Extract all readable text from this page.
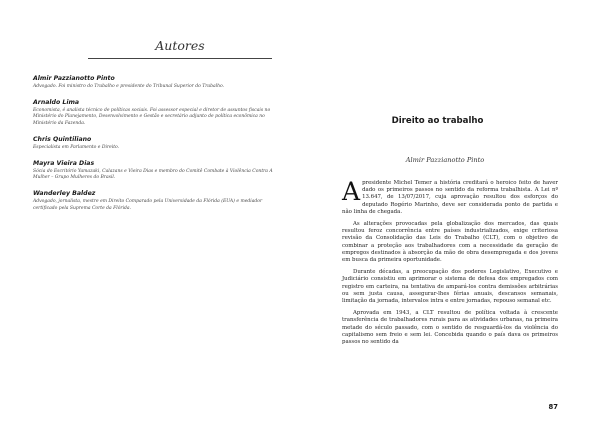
Autores
Almir Pazzianotto Pinto
Advogado. Foi ministro do Trabalho e presidente do Tribunal Superior do Trabalho.
Arnaldo Lima
Economista, é analista técnico de políticas sociais. Foi assessor especial e diretor de assuntos fiscais no Ministério do Planejamento, Desenvolvimento e Gestão e secretário adjunto de política econômica no Ministério da Fazenda.
Chris Quintiliano
Especialista em Parlamento e Direito.
Mayra Vieira Dias
Sócia do Escritório Yamazaki, Calazans e Vieira Dias e membro do Comitê Combate à Violência Contra A Mulher – Grupo Mulheres do Brasil.
Wanderley Baldez
Advogado, jornalista, mestre em Direito Comparado pela Universidade da Flórida (EUA) e mediador certificado pela Suprema Corte da Flórida.
Direito ao trabalho
Almir Pazzianotto Pinto

Apresidente Michel Temer a história creditará o heroico feito de haver dado os primeiros passos no sentido da reforma trabalhista. A Lei nº 13.647, de 13/07/2017, cuja aprovação resultou dos esforços do deputado Rogério Marinho, deve ser considerada ponto de partida e não linha de chegada.

As alterações provocadas pela globalização dos mercados, das quais resultou feroz concorrência entre países industrializados, exige criteriosa revisão da Consolidação das Leis do Trabalho (CLT), com o objetivo de combinar a proteção aos trabalhadores com a necessidade da geração de empregos destinados à absorção da mão de obra desempregada e dos jovens em busca da primeira oportunidade.

Durante décadas, a preocupação dos poderes Legislativo, Executivo e Judiciário consistiu em aprimorar o sistema de defesa dos empregados com registro em carteira, na tentativa de ampará-los contra demissões arbitrárias ou sem justa causa, assegurar-lhes férias anuais, descansos semanais, limitação da jornada, intervalos intra e entre jornadas, repouso semanal etc.

Aprovada em 1943, a CLT resultou de política voltada à crescente transferência de trabalhadores rurais para as atividades urbanas, na primeira metade do século passado, com o sentido de resguardá-los da violência do capitalismo sem freio e sem lei. Concebida quando o país dava os primeiros passos no sentido da

87
